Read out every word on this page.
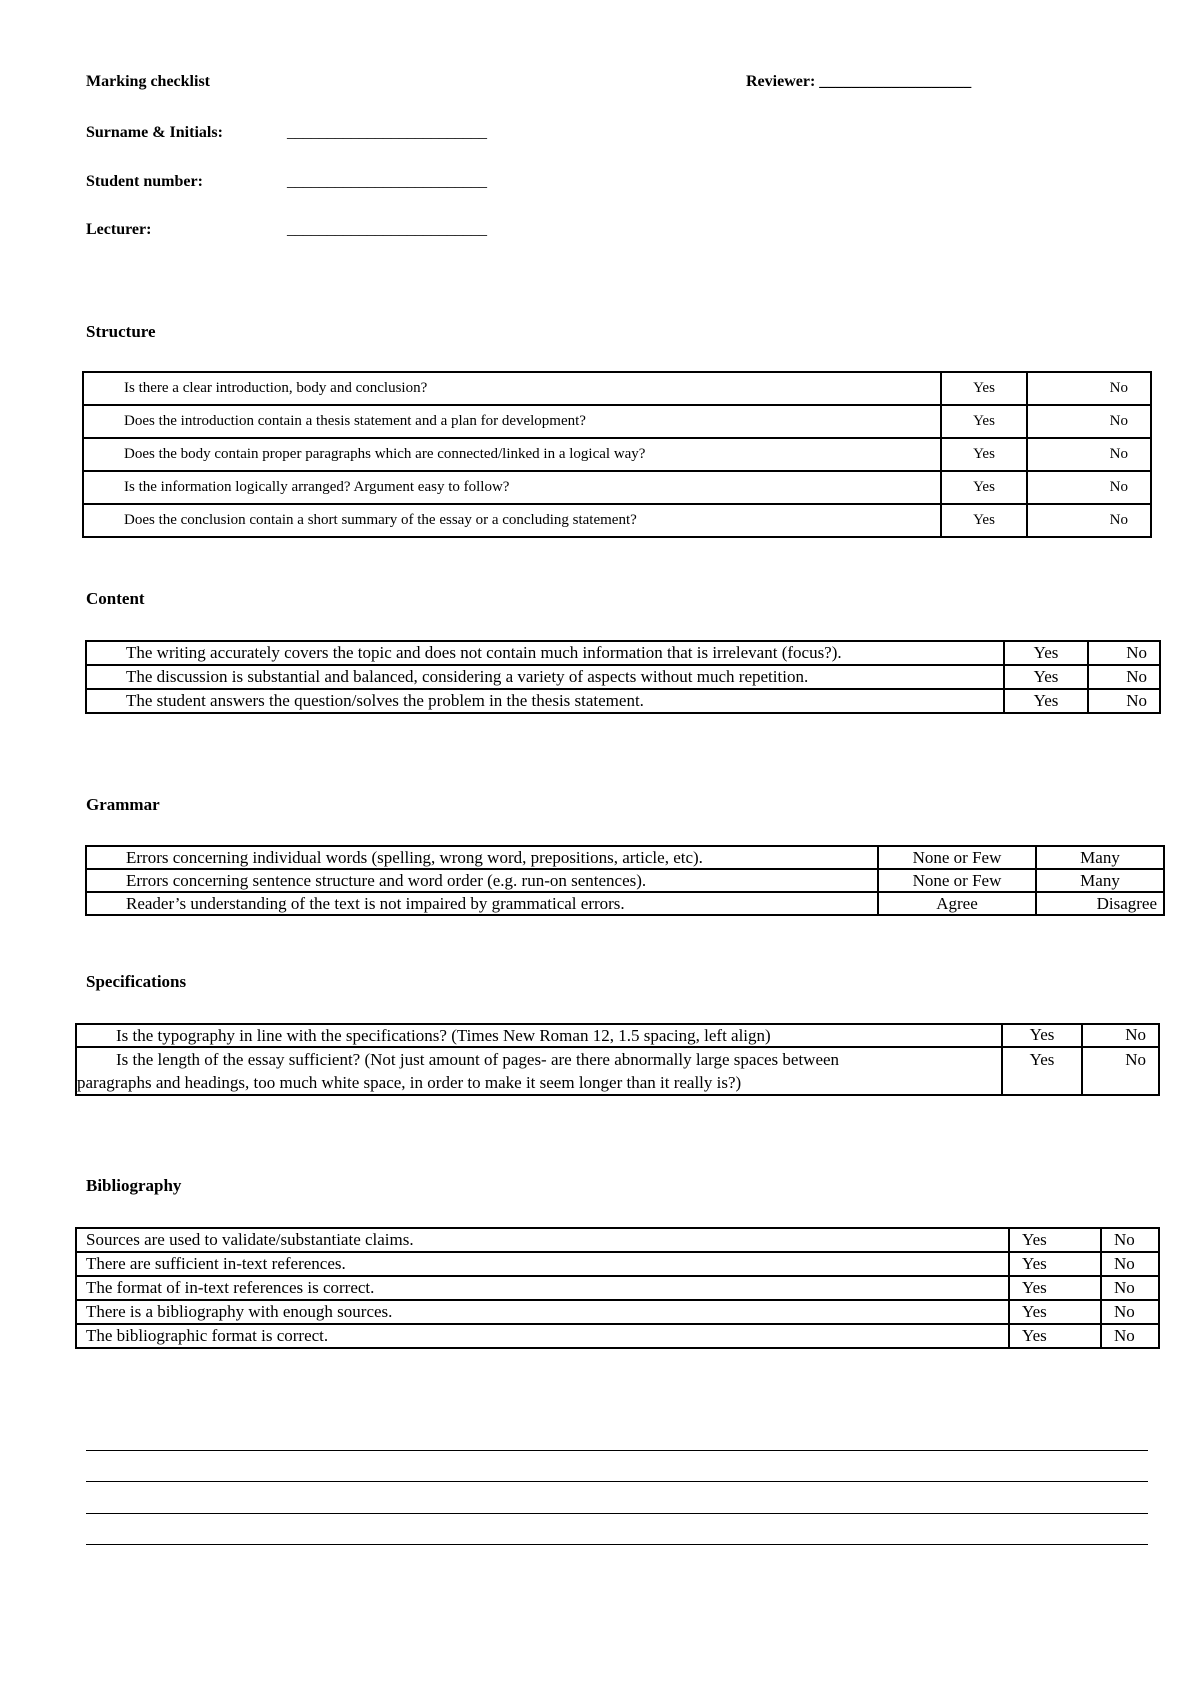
Marking checklist	Reviewer: ___________________
Surname & Initials:	_________________________
Student number:	_________________________
Lecturer:	_________________________
Structure
Is there a clear introduction, body and conclusion?	Yes	No
Does the introduction contain a thesis statement and a plan for development?	Yes	No
Does the body contain proper paragraphs which are connected/linked in a logical way?	Yes	No
Is the information logically arranged? Argument easy to follow?	Yes	No
Does the conclusion contain a short summary of the essay or a concluding statement?	Yes	No
Content
The writing accurately covers the topic and does not contain much information that is irrelevant (focus?).	Yes	No
The discussion is substantial and balanced, considering a variety of aspects without much repetition.	Yes	No
The student answers the question/solves the problem in the thesis statement.	Yes	No
Grammar
Errors concerning individual words (spelling, wrong word, prepositions, article, etc).	None or Few	Many
Errors concerning sentence structure and word order (e.g. run-on sentences).	None or Few	Many
Reader’s understanding of the text is not impaired by grammatical errors.	Agree	Disagree
Specifications
Is the typography in line with the specifications? (Times New Roman 12, 1.5 spacing, left align)	Yes	No

Is the length of the essay sufficient? (Not just amount of pages- are there abnormally large spaces between
paragraphs and headings, too much white space, in order to make it seem longer than it really is?)	Yes	No
Bibliography
Sources are used to validate/substantiate claims.	Yes	No
There are sufficient in-text references.	Yes	No
The format of in-text references is correct.	Yes	No
There is a bibliography with enough sources.	Yes	No
The bibliographic format is correct.	Yes	No
